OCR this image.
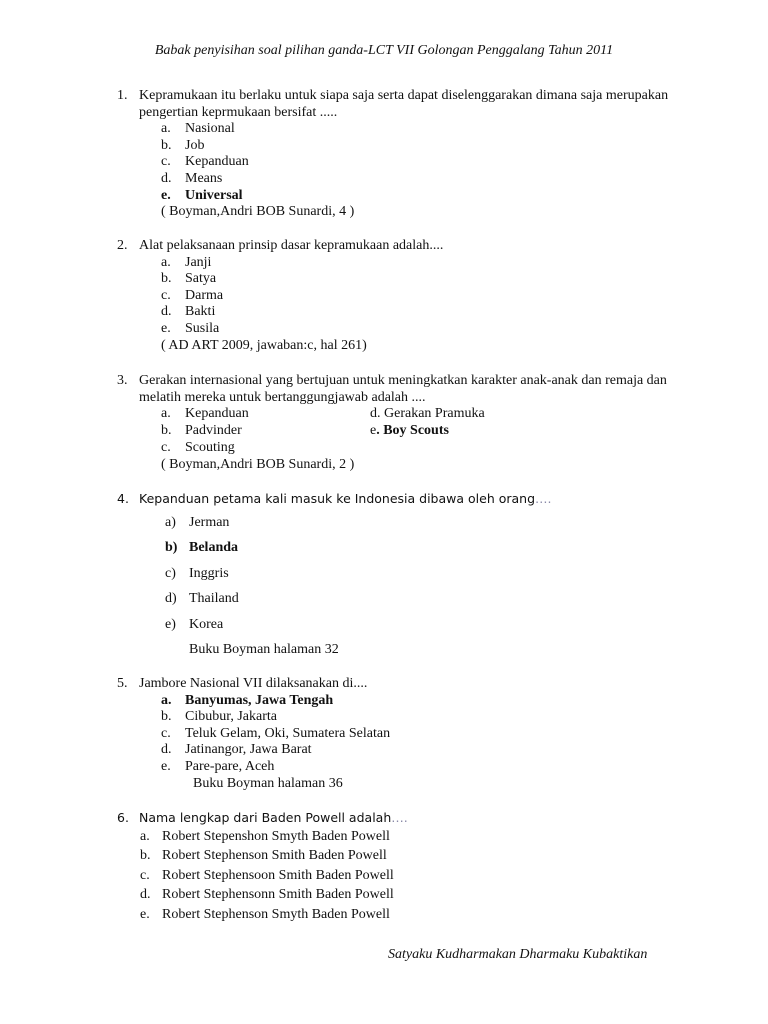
Babak penyisihan soal pilihan ganda-LCT VII Golongan Penggalang Tahun 2011
1. Kepramukaan itu berlaku untuk siapa saja serta dapat diselenggarakan dimana saja merupakan pengertian keprmukaan bersifat .....
a. Nasional
b. Job
c. Kepanduan
d. Means
e. Universal
( Boyman,Andri BOB Sunardi, 4 )
2. Alat pelaksanaan prinsip dasar kepramukaan adalah....
a. Janji
b. Satya
c. Darma
d. Bakti
e. Susila
( AD ART 2009, jawaban:c, hal 261)
3. Gerakan internasional yang bertujuan untuk meningkatkan karakter anak-anak dan remaja dan melatih mereka untuk bertanggungjawab adalah ....
a. Kepanduan	d. Gerakan Pramuka
b. Padvinder	e. Boy Scouts
c. Scouting
( Boyman,Andri BOB Sunardi, 2 )
4. Kepanduan petama kali masuk ke Indonesia dibawa oleh orang….
a) Jerman
b) Belanda
c) Inggris
d) Thailand
e) Korea
Buku Boyman halaman 32
5. Jambore Nasional VII dilaksanakan di....
a. Banyumas, Jawa Tengah
b. Cibubur, Jakarta
c. Teluk Gelam, Oki, Sumatera Selatan
d. Jatinangor, Jawa Barat
e. Pare-pare, Aceh
Buku Boyman halaman 36
6. Nama lengkap dari Baden Powell adalah….
a. Robert Stepenshon Smyth Baden Powell
b. Robert Stephenson Smith Baden Powell
c. Robert Stephensoon Smith Baden Powell
d. Robert Stephensonn Smith Baden Powell
e. Robert Stephenson Smyth Baden Powell
Satyaku Kudharmakan Dharmaku Kubaktikan
